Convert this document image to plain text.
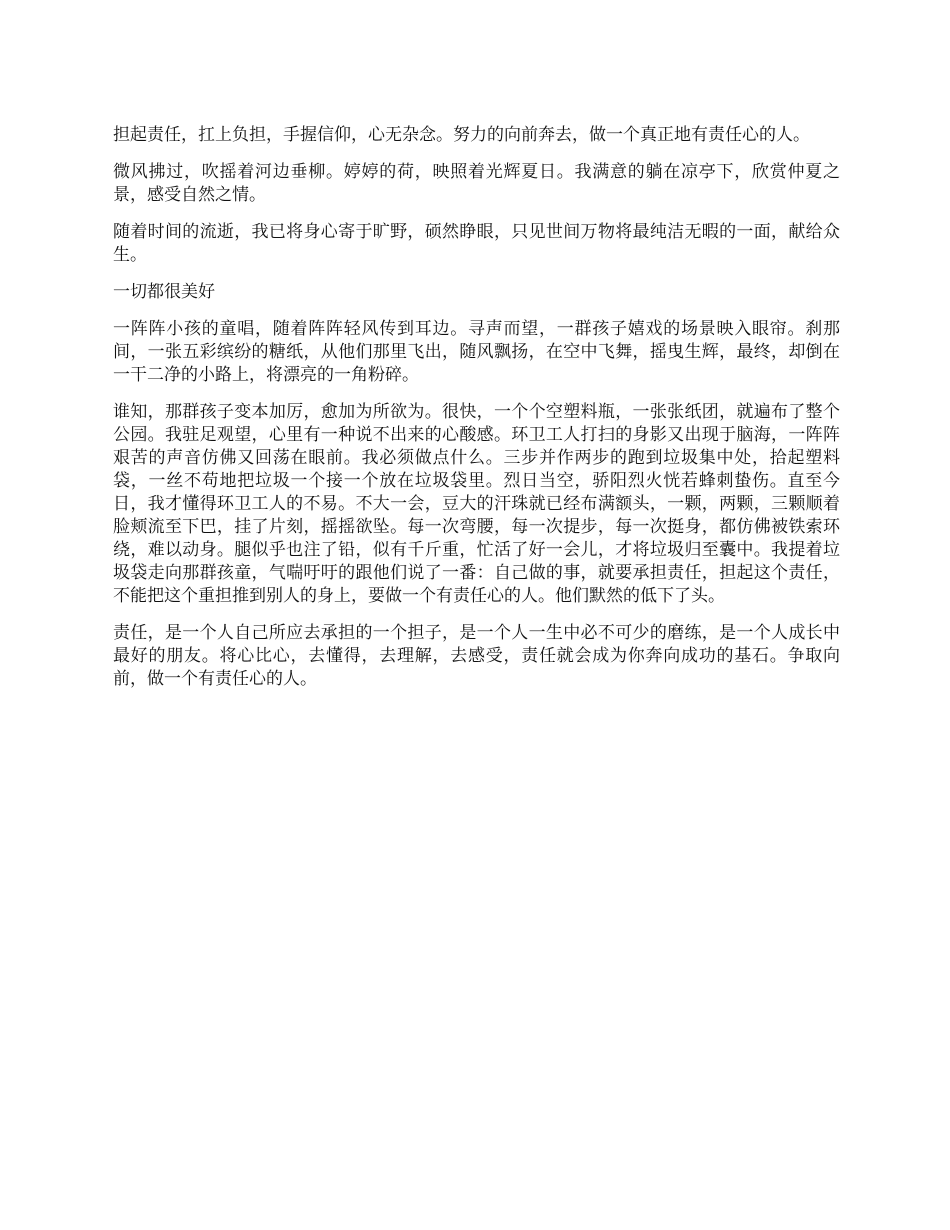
担起责任，扛上负担，手握信仰，心无杂念。努力的向前奔去，做一个真正地有责任心的人。

微风拂过，吹摇着河边垂柳。婷婷的荷，映照着光辉夏日。我满意的躺在凉亭下，欣赏仲夏之景，感受自然之情。

随着时间的流逝，我已将身心寄于旷野，硕然睁眼，只见世间万物将最纯洁无暇的一面，献给众生。

一切都很美好

一阵阵小孩的童唱，随着阵阵轻风传到耳边。寻声而望，一群孩子嬉戏的场景映入眼帘。刹那间，一张五彩缤纷的糖纸，从他们那里飞出，随风飘扬，在空中飞舞，摇曳生辉，最终，却倒在一干二净的小路上，将漂亮的一角粉碎。

谁知，那群孩子变本加厉，愈加为所欲为。很快，一个个空塑料瓶，一张张纸团，就遍布了整个公园。我驻足观望，心里有一种说不出来的心酸感。环卫工人打扫的身影又出现于脑海，一阵阵艰苦的声音仿佛又回荡在眼前。我必须做点什么。三步并作两步的跑到垃圾集中处，拾起塑料袋，一丝不苟地把垃圾一个接一个放在垃圾袋里。烈日当空，骄阳烈火恍若蜂刺蛰伤。直至今日，我才懂得环卫工人的不易。不大一会，豆大的汗珠就已经布满额头，一颗，两颗，三颗顺着脸颊流至下巴，挂了片刻，摇摇欲坠。每一次弯腰，每一次提步，每一次挺身，都仿佛被铁索环绕，难以动身。腿似乎也注了铅，似有千斤重，忙活了好一会儿，才将垃圾归至囊中。我提着垃圾袋走向那群孩童，气喘吁吁的跟他们说了一番：自己做的事，就要承担责任，担起这个责任，不能把这个重担推到别人的身上，要做一个有责任心的人。他们默然的低下了头。

责任，是一个人自己所应去承担的一个担子，是一个人一生中必不可少的磨练，是一个人成长中最好的朋友。将心比心，去懂得，去理解，去感受，责任就会成为你奔向成功的基石。争取向前，做一个有责任心的人。
